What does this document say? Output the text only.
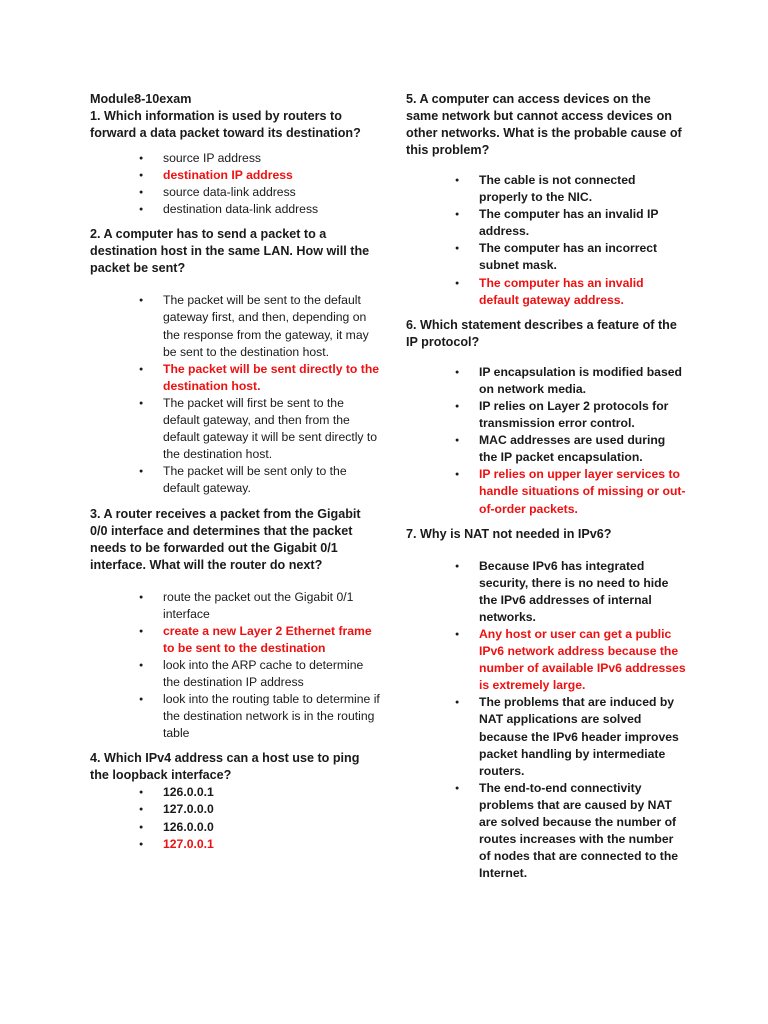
Module8-10exam

1. Which information is used by routers to forward a data packet toward its destination?

● source IP address
● destination IP address
● source data-link address
● destination data-link address

2. A computer has to send a packet to a destination host in the same LAN. How will the packet be sent?

● The packet will be sent to the default gateway first, and then, depending on the response from the gateway, it may be sent to the destination host.
● The packet will be sent directly to the destination host.
● The packet will first be sent to the default gateway, and then from the default gateway it will be sent directly to the destination host.
● The packet will be sent only to the default gateway.

3. A router receives a packet from the Gigabit 0/0 interface and determines that the packet needs to be forwarded out the Gigabit 0/1 interface. What will the router do next?

● route the packet out the Gigabit 0/1 interface
● create a new Layer 2 Ethernet frame to be sent to the destination
● look into the ARP cache to determine the destination IP address
● look into the routing table to determine if the destination network is in the routing table

4. Which IPv4 address can a host use to ping the loopback interface?

● 126.0.0.1
● 127.0.0.0
● 126.0.0.0
● 127.0.0.1

5. A computer can access devices on the same network but cannot access devices on other networks. What is the probable cause of this problem?

● The cable is not connected properly to the NIC.
● The computer has an invalid IP address.
● The computer has an incorrect subnet mask.
● The computer has an invalid default gateway address.

6. Which statement describes a feature of the IP protocol?

● IP encapsulation is modified based on network media.
● IP relies on Layer 2 protocols for transmission error control.
● MAC addresses are used during the IP packet encapsulation.
● IP relies on upper layer services to handle situations of missing or out-of-order packets.

7. Why is NAT not needed in IPv6?

● Because IPv6 has integrated security, there is no need to hide the IPv6 addresses of internal networks.
● Any host or user can get a public IPv6 network address because the number of available IPv6 addresses is extremely large.
● The problems that are induced by NAT applications are solved because the IPv6 header improves packet handling by intermediate routers.
● The end-to-end connectivity problems that are caused by NAT are solved because the number of routes increases with the number of nodes that are connected to the Internet.
